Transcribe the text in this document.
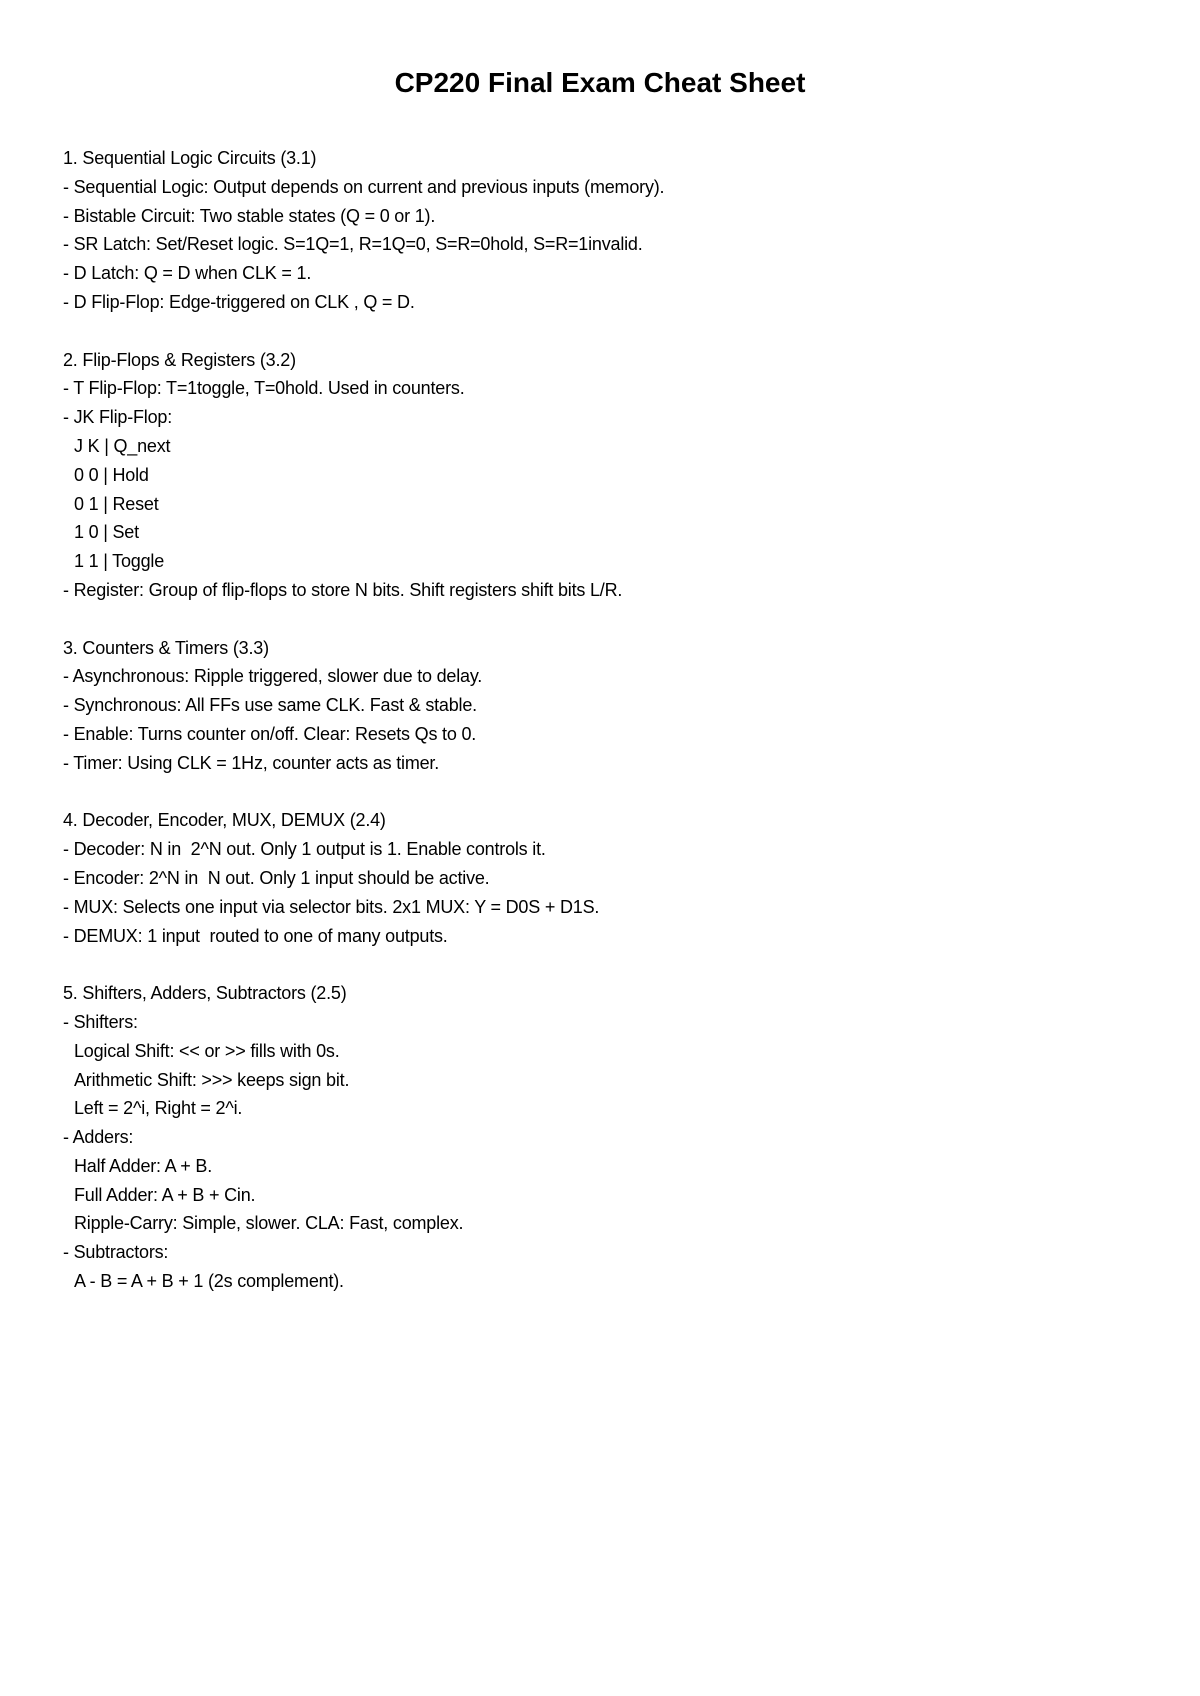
CP220 Final Exam Cheat Sheet
1. Sequential Logic Circuits (3.1)
- Sequential Logic: Output depends on current and previous inputs (memory).
- Bistable Circuit: Two stable states (Q = 0 or 1).
- SR Latch: Set/Reset logic. S=1Q=1, R=1Q=0, S=R=0hold, S=R=1invalid.
- D Latch: Q = D when CLK = 1.
- D Flip-Flop: Edge-triggered on CLK , Q = D.
2. Flip-Flops & Registers (3.2)
- T Flip-Flop: T=1toggle, T=0hold. Used in counters.
- JK Flip-Flop:
J K | Q_next
0 0 | Hold
0 1 | Reset
1 0 | Set
1 1 | Toggle
- Register: Group of flip-flops to store N bits. Shift registers shift bits L/R.
3. Counters & Timers (3.3)
- Asynchronous: Ripple triggered, slower due to delay.
- Synchronous: All FFs use same CLK. Fast & stable.
- Enable: Turns counter on/off. Clear: Resets Qs to 0.
- Timer: Using CLK = 1Hz, counter acts as timer.
4. Decoder, Encoder, MUX, DEMUX (2.4)
- Decoder: N in  2^N out. Only 1 output is 1. Enable controls it.
- Encoder: 2^N in  N out. Only 1 input should be active.
- MUX: Selects one input via selector bits. 2x1 MUX: Y = D0S + D1S.
- DEMUX: 1 input  routed to one of many outputs.
5. Shifters, Adders, Subtractors (2.5)
- Shifters:
Logical Shift: << or >> fills with 0s.
Arithmetic Shift: >>> keeps sign bit.
Left = 2^i, Right = 2^i.
- Adders:
Half Adder: A + B.
Full Adder: A + B + Cin.
Ripple-Carry: Simple, slower. CLA: Fast, complex.
- Subtractors:
A - B = A + B + 1 (2s complement).
